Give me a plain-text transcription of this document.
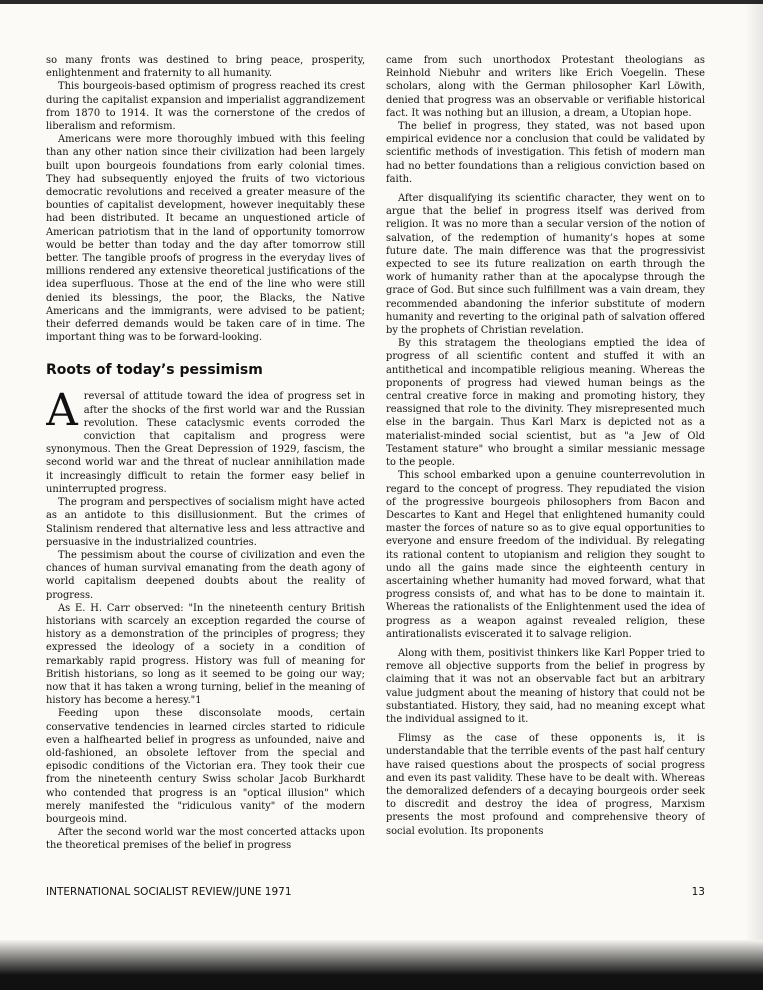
so many fronts was destined to bring peace, prosperity, enlightenment and fraternity to all humanity.

This bourgeois-based optimism of progress reached its crest during the capitalist expansion and imperialist aggrandizement from 1870 to 1914. It was the cornerstone of the credos of liberalism and reformism.

Americans were more thoroughly imbued with this feeling than any other nation since their civilization had been largely built upon bourgeois foundations from early colonial times. They had subsequently enjoyed the fruits of two victorious democratic revolutions and received a greater measure of the bounties of capitalist development, however inequitably these had been distributed. It became an unquestioned article of American patriotism that in the land of opportunity tomorrow would be better than today and the day after tomorrow still better. The tangible proofs of progress in the everyday lives of millions rendered any extensive theoretical justifications of the idea superfluous. Those at the end of the line who were still denied its blessings, the poor, the Blacks, the Native Americans and the immigrants, were advised to be patient; their deferred demands would be taken care of in time. The important thing was to be forward-looking.

Roots of today’s pessimism

Areversal of attitude toward the idea of progress set in after the shocks of the first world war and the Russian revolution. These cataclysmic events corroded the conviction that capitalism and progress were synonymous. Then the Great Depression of 1929, fascism, the second world war and the threat of nuclear annihilation made it increasingly difficult to retain the former easy belief in uninterrupted progress.

The program and perspectives of socialism might have acted as an antidote to this disillusionment. But the crimes of Stalinism rendered that alternative less and less attractive and persuasive in the industrialized countries.

The pessimism about the course of civilization and even the chances of human survival emanating from the death agony of world capitalism deepened doubts about the reality of progress.

As E. H. Carr observed: "In the nineteenth century British historians with scarcely an exception regarded the course of history as a demonstration of the principles of progress; they expressed the ideology of a society in a condition of remarkably rapid progress. History was full of meaning for British historians, so long as it seemed to be going our way; now that it has taken a wrong turning, belief in the meaning of history has become a heresy."1

Feeding upon these disconsolate moods, certain conservative tendencies in learned circles started to ridicule even a halfhearted belief in progress as unfounded, naive and old-fashioned, an obsolete leftover from the special and episodic conditions of the Victorian era. They took their cue from the nineteenth century Swiss scholar Jacob Burkhardt who contended that progress is an "optical illusion" which merely manifested the "ridiculous vanity" of the modern bourgeois mind.

After the second world war the most concerted attacks upon the theoretical premises of the belief in progress

came from such unorthodox Protestant theologians as Reinhold Niebuhr and writers like Erich Voegelin. These scholars, along with the German philosopher Karl Löwith, denied that progress was an observable or verifiable historical fact. It was nothing but an illusion, a dream, a Utopian hope.

The belief in progress, they stated, was not based upon empirical evidence nor a conclusion that could be validated by scientific methods of investigation. This fetish of modern man had no better foundations than a religious conviction based on faith.

After disqualifying its scientific character, they went on to argue that the belief in progress itself was derived from religion. It was no more than a secular version of the notion of salvation, of the redemption of humanity’s hopes at some future date. The main difference was that the progressivist expected to see its future realization on earth through the work of humanity rather than at the apocalypse through the grace of God. But since such fulfillment was a vain dream, they recommended abandoning the inferior substitute of modern humanity and reverting to the original path of salvation offered by the prophets of Christian revelation.

By this stratagem the theologians emptied the idea of progress of all scientific content and stuffed it with an antithetical and incompatible religious meaning. Whereas the proponents of progress had viewed human beings as the central creative force in making and promoting history, they reassigned that role to the divinity. They misrepresented much else in the bargain. Thus Karl Marx is depicted not as a materialist-minded social scientist, but as "a Jew of Old Testament stature" who brought a similar messianic message to the people.

This school embarked upon a genuine counterrevolution in regard to the concept of progress. They repudiated the vision of the progressive bourgeois philosophers from Bacon and Descartes to Kant and Hegel that enlightened humanity could master the forces of nature so as to give equal opportunities to everyone and ensure freedom of the individual. By relegating its rational content to utopianism and religion they sought to undo all the gains made since the eighteenth century in ascertaining whether humanity had moved forward, what that progress consists of, and what has to be done to maintain it. Whereas the rationalists of the Enlightenment used the idea of progress as a weapon against revealed religion, these antirationalists eviscerated it to salvage religion.

Along with them, positivist thinkers like Karl Popper tried to remove all objective supports from the belief in progress by claiming that it was not an observable fact but an arbitrary value judgment about the meaning of history that could not be substantiated. History, they said, had no meaning except what the individual assigned to it.

Flimsy as the case of these opponents is, it is understandable that the terrible events of the past half century have raised questions about the prospects of social progress and even its past validity. These have to be dealt with. Whereas the demoralized defenders of a decaying bourgeois order seek to discredit and destroy the idea of progress, Marxism presents the most profound and comprehensive theory of social evolution. Its proponents

INTERNATIONAL SOCIALIST REVIEW/JUNE 1971	13
